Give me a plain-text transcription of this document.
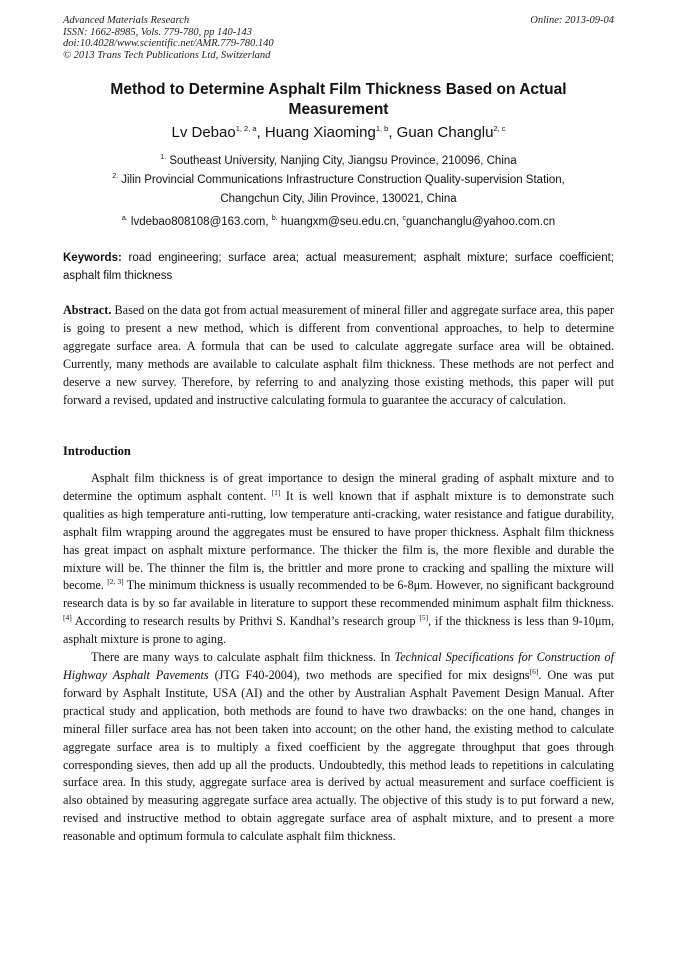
Advanced Materials Research
ISSN: 1662-8985, Vols. 779-780, pp 140-143
doi:10.4028/www.scientific.net/AMR.779-780.140
© 2013 Trans Tech Publications Ltd, Switzerland
Online: 2013-09-04
Method to Determine Asphalt Film Thickness Based on Actual Measurement
Lv Debao$^{1, 2, a}$, Huang Xiaoming$^{1, b}$, Guan Changlu$^{2, c}$
$^{1.}$ Southeast University, Nanjing City, Jiangsu Province, 210096, China
$^{2.}$ Jilin Provincial Communications Infrastructure Construction Quality-supervision Station,
Changchun City, Jilin Province, 130021, China
$^{a.}$ lvdebao808108@163.com, $^{b.}$ huangxm@seu.edu.cn, $^c$guanchanglu@yahoo.com.cn
Keywords: road engineering; surface area; actual measurement; asphalt mixture; surface coefficient; asphalt film thickness
Abstract. Based on the data got from actual measurement of mineral filler and aggregate surface area, this paper is going to present a new method, which is different from conventional approaches, to help to determine aggregate surface area. A formula that can be used to calculate aggregate surface area will be obtained. Currently, many methods are available to calculate asphalt film thickness. These methods are not perfect and deserve a new survey. Therefore, by referring to and analyzing those existing methods, this paper will put forward a revised, updated and instructive calculating formula to guarantee the accuracy of calculation.
Introduction

Asphalt film thickness is of great importance to design the mineral grading of asphalt mixture and to determine the optimum asphalt content. [1] It is well known that if asphalt mixture is to demonstrate such qualities as high temperature anti-rutting, low temperature anti-cracking, water resistance and fatigue durability, asphalt film wrapping around the aggregates must be ensured to have proper thickness. Asphalt film thickness has great impact on asphalt mixture performance. The thicker the film is, the more flexible and durable the mixture will be. The thinner the film is, the brittler and more prone to cracking and spalling the mixture will become. [2, 3] The minimum thickness is usually recommended to be 6-8μm. However, no significant background research data is by so far available in literature to support these recommended minimum asphalt film thickness.[4] According to research results by Prithvi S. Kandhal’s research group [5], if the thickness is less than 9-10μm, asphalt mixture is prone to aging.

There are many ways to calculate asphalt film thickness. In Technical Specifications for Construction of Highway Asphalt Pavements (JTG F40-2004), two methods are specified for mix designs[6]. One was put forward by Asphalt Institute, USA (AI) and the other by Australian Asphalt Pavement Design Manual. After practical study and application, both methods are found to have two drawbacks: on the one hand, changes in mineral filler surface area has not been taken into account; on the other hand, the existing method to calculate aggregate surface area is to multiply a fixed coefficient by the aggregate throughput that goes through corresponding sieves, then add up all the products. Undoubtedly, this method leads to repetitions in calculating surface area. In this study, aggregate surface area is derived by actual measurement and surface coefficient is also obtained by measuring aggregate surface area actually. The objective of this study is to put forward a new, revised and instructive method to obtain aggregate surface area of asphalt mixture, and to present a more reasonable and optimum formula to calculate asphalt film thickness.
